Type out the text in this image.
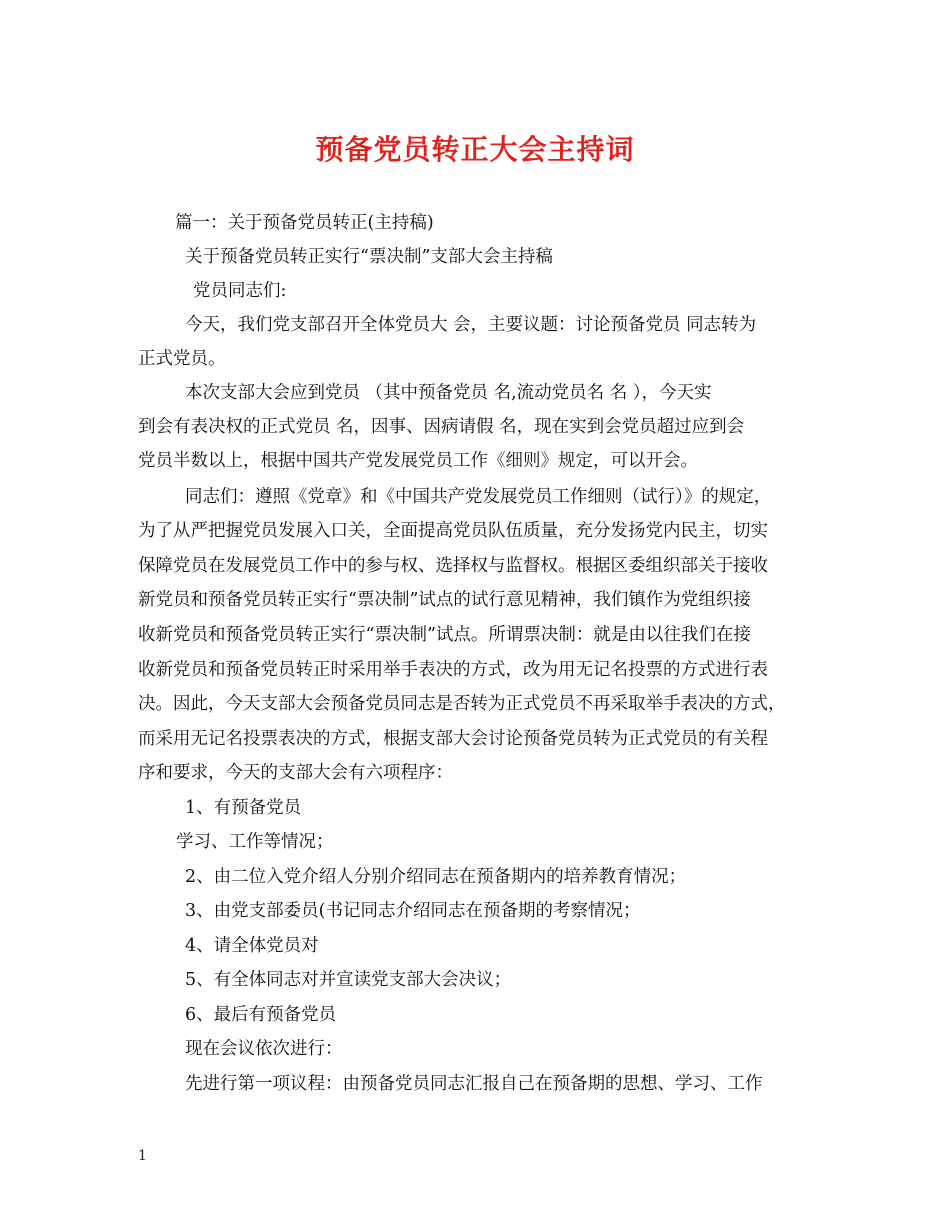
预备党员转正大会主持词
篇一：关于预备党员转正(主持稿)
关于预备党员转正实行“票决制”支部大会主持稿
党员同志们:
今天，我们党支部召开全体党员大 会，主要议题：讨论预备党员 同志转为
正式党员。
本次支部大会应到党员 （其中预备党员 名,流动党员名 名 ），今天实
到会有表决权的正式党员 名，因事、因病请假 名，现在实到会党员超过应到会
党员半数以上，根据中国共产党发展党员工作《细则》规定，可以开会。
同志们：遵照《党章》和《中国共产党发展党员工作细则（试行）》的规定，
为了从严把握党员发展入口关，全面提高党员队伍质量，充分发扬党内民主，切实
保障党员在发展党员工作中的参与权、选择权与监督权。根据区委组织部关于接收
新党员和预备党员转正实行“票决制”试点的试行意见精神，我们镇作为党组织接
收新党员和预备党员转正实行“票决制”试点。所谓票决制：就是由以往我们在接
收新党员和预备党员转正时采用举手表决的方式，改为用无记名投票的方式进行表
决。因此，今天支部大会预备党员同志是否转为正式党员不再采取举手表决的方式，
而采用无记名投票表决的方式，根据支部大会讨论预备党员转为正式党员的有关程
序和要求，今天的支部大会有六项程序：
1、有预备党员
学习、工作等情况；
2、由二位入党介绍人分别介绍同志在预备期内的培养教育情况；
3、由党支部委员(书记同志介绍同志在预备期的考察情况；
4、请全体党员对
5、有全体同志对并宣读党支部大会决议；
6、最后有预备党员
现在会议依次进行：
先进行第一项议程：由预备党员同志汇报自己在预备期的思想、学习、工作
1
